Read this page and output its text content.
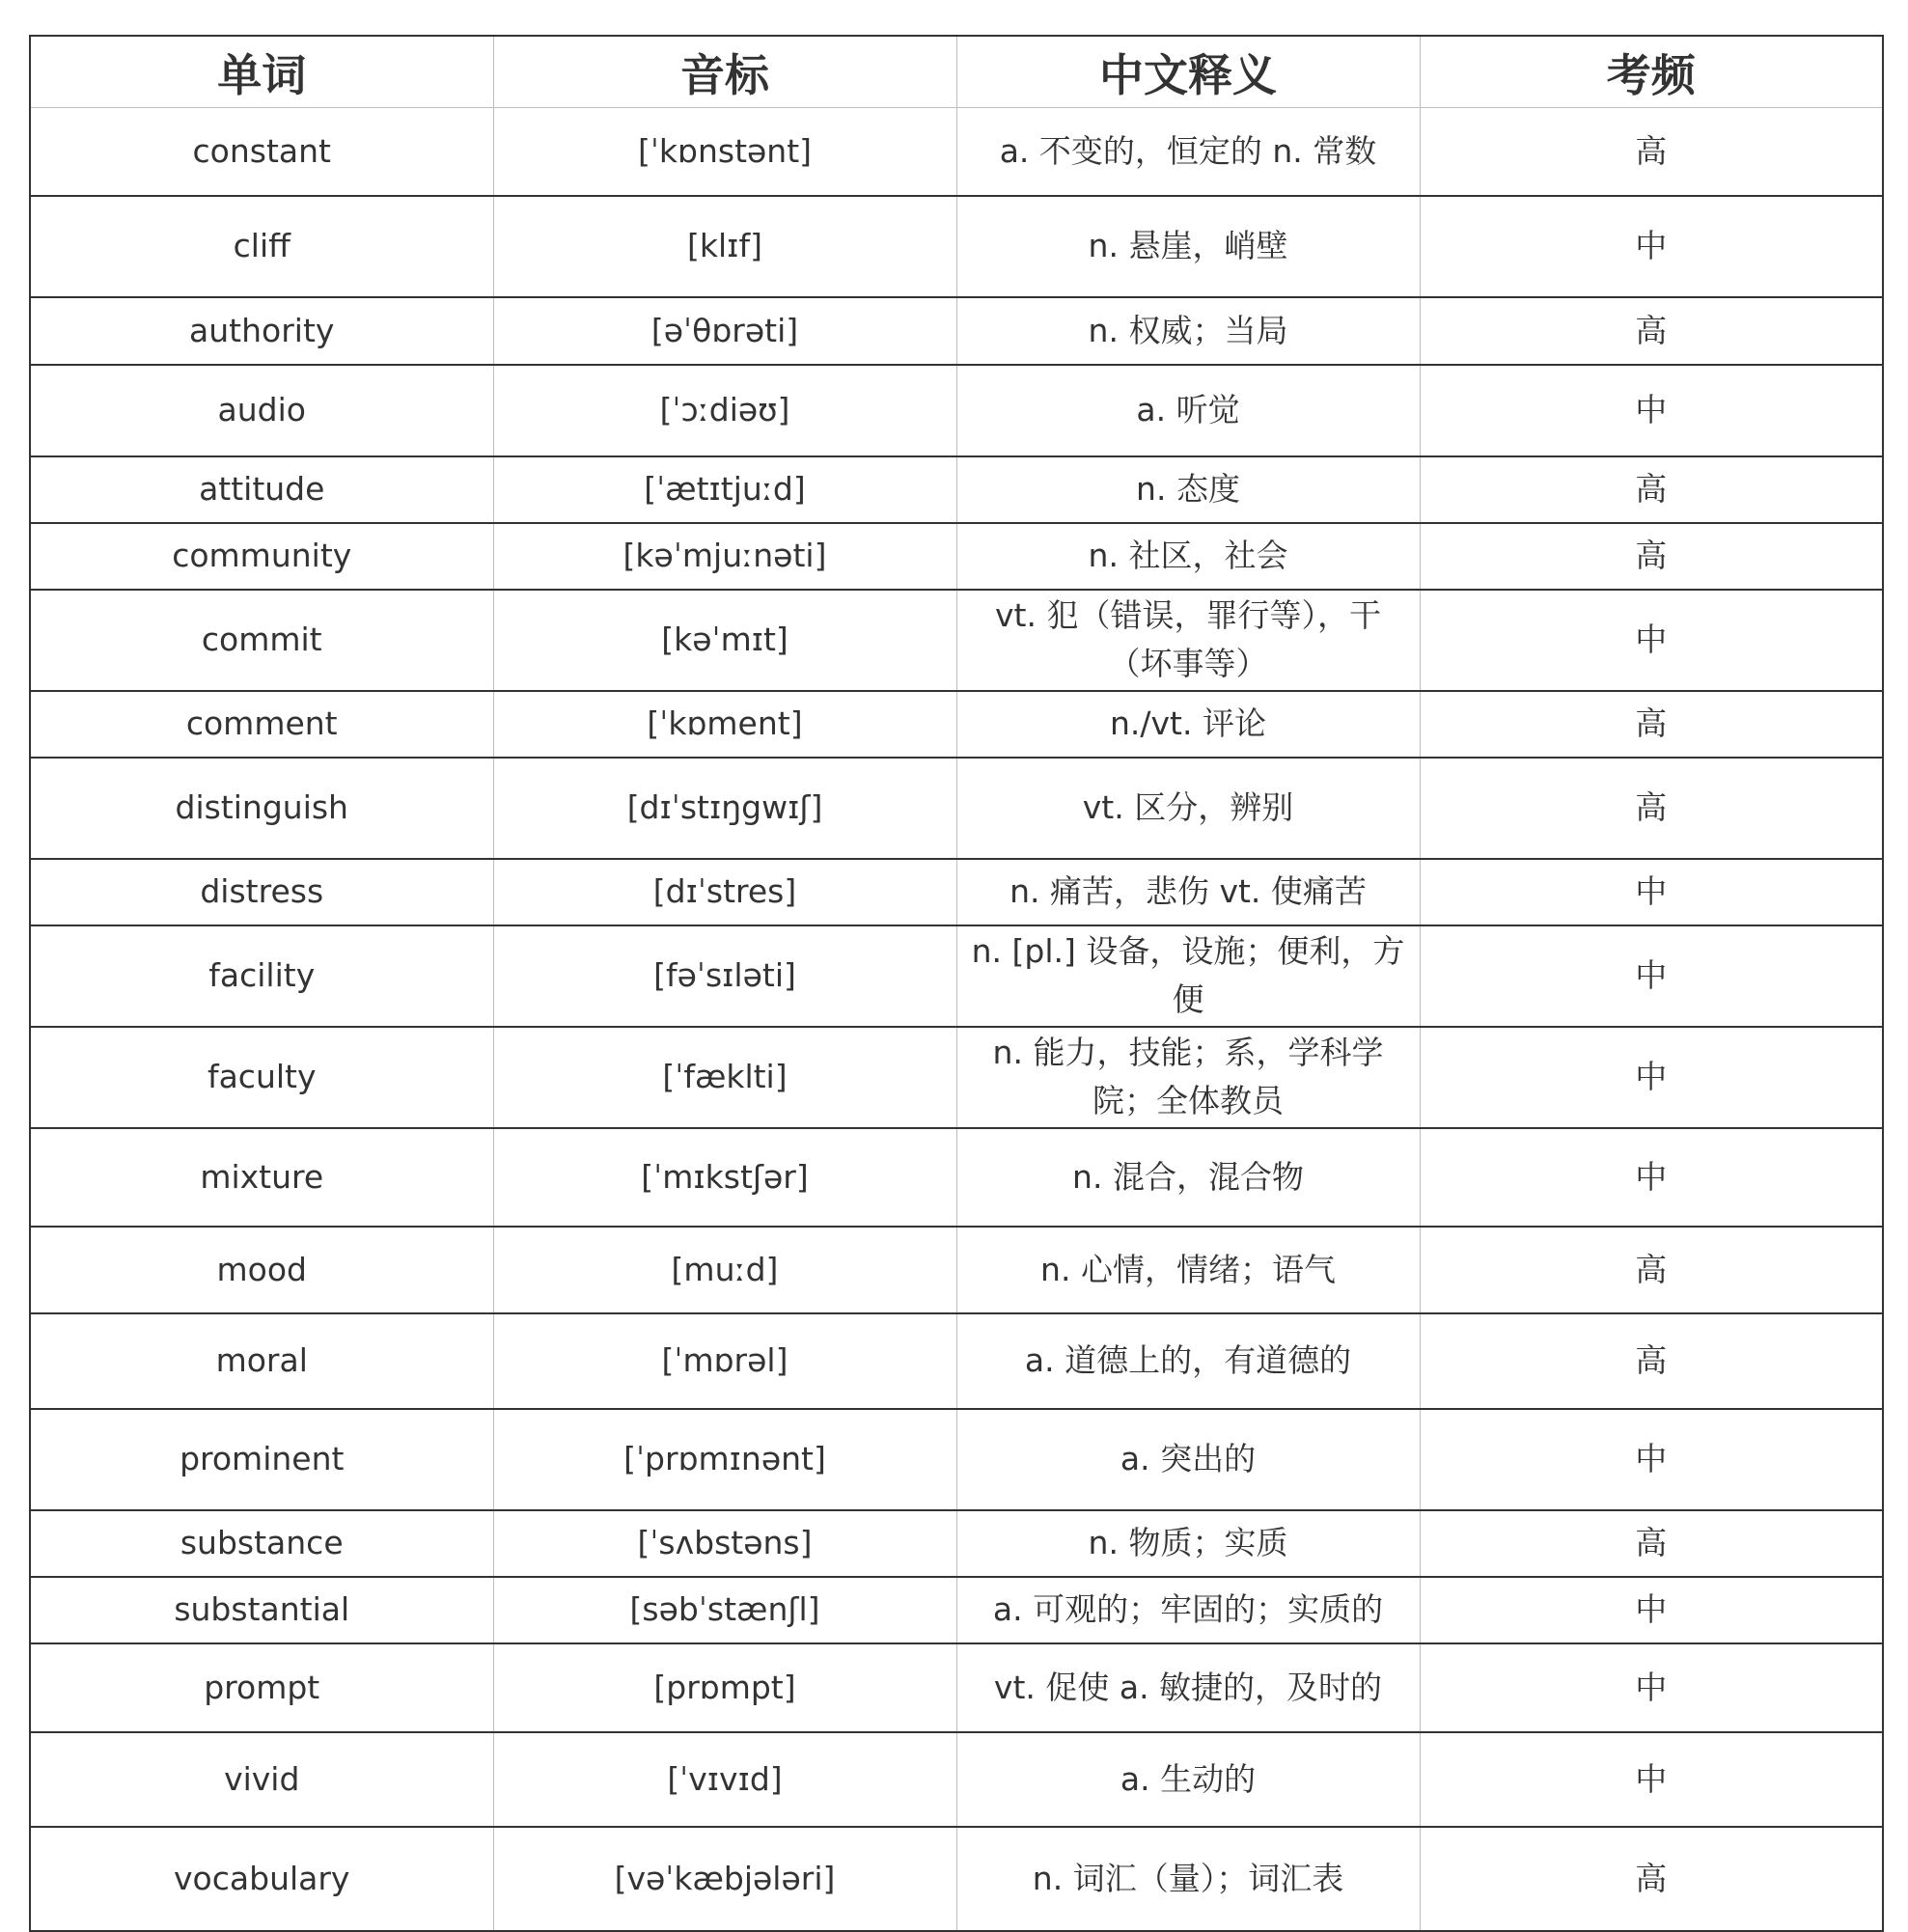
单词	音标	中文释义	考频
constant	[ˈkɒnstənt]	a. 不变的，恒定的 n. 常数	高
cliff	[klɪf]	n. 悬崖，峭壁	中
authority	[əˈθɒrəti]	n. 权威；当局	高
audio	[ˈɔːdiəʊ]	a. 听觉	中
attitude	[ˈætɪtjuːd]	n. 态度	高
community	[kəˈmjuːnəti]	n. 社区，社会	高
commit	[kəˈmɪt]	vt. 犯（错误，罪行等），干（坏事等）	中
comment	[ˈkɒment]	n./vt. 评论	高
distinguish	[dɪˈstɪŋgwɪʃ]	vt. 区分，辨别	高
distress	[dɪˈstres]	n. 痛苦，悲伤 vt. 使痛苦	中
facility	[fəˈsɪləti]	n. [pl.] 设备，设施；便利，方便	中
faculty	[ˈfæklti]	n. 能力，技能；系，学科学院；全体教员	中
mixture	[ˈmɪkstʃər]	n. 混合，混合物	中
mood	[muːd]	n. 心情，情绪；语气	高
moral	[ˈmɒrəl]	a. 道德上的，有道德的	高
prominent	[ˈprɒmɪnənt]	a. 突出的	中
substance	[ˈsʌbstəns]	n. 物质；实质	高
substantial	[səbˈstænʃl]	a. 可观的；牢固的；实质的	中
prompt	[prɒmpt]	vt. 促使 a. 敏捷的，及时的	中
vivid	[ˈvɪvɪd]	a. 生动的	中
vocabulary	[vəˈkæbjələri]	n. 词汇（量）；词汇表	高
